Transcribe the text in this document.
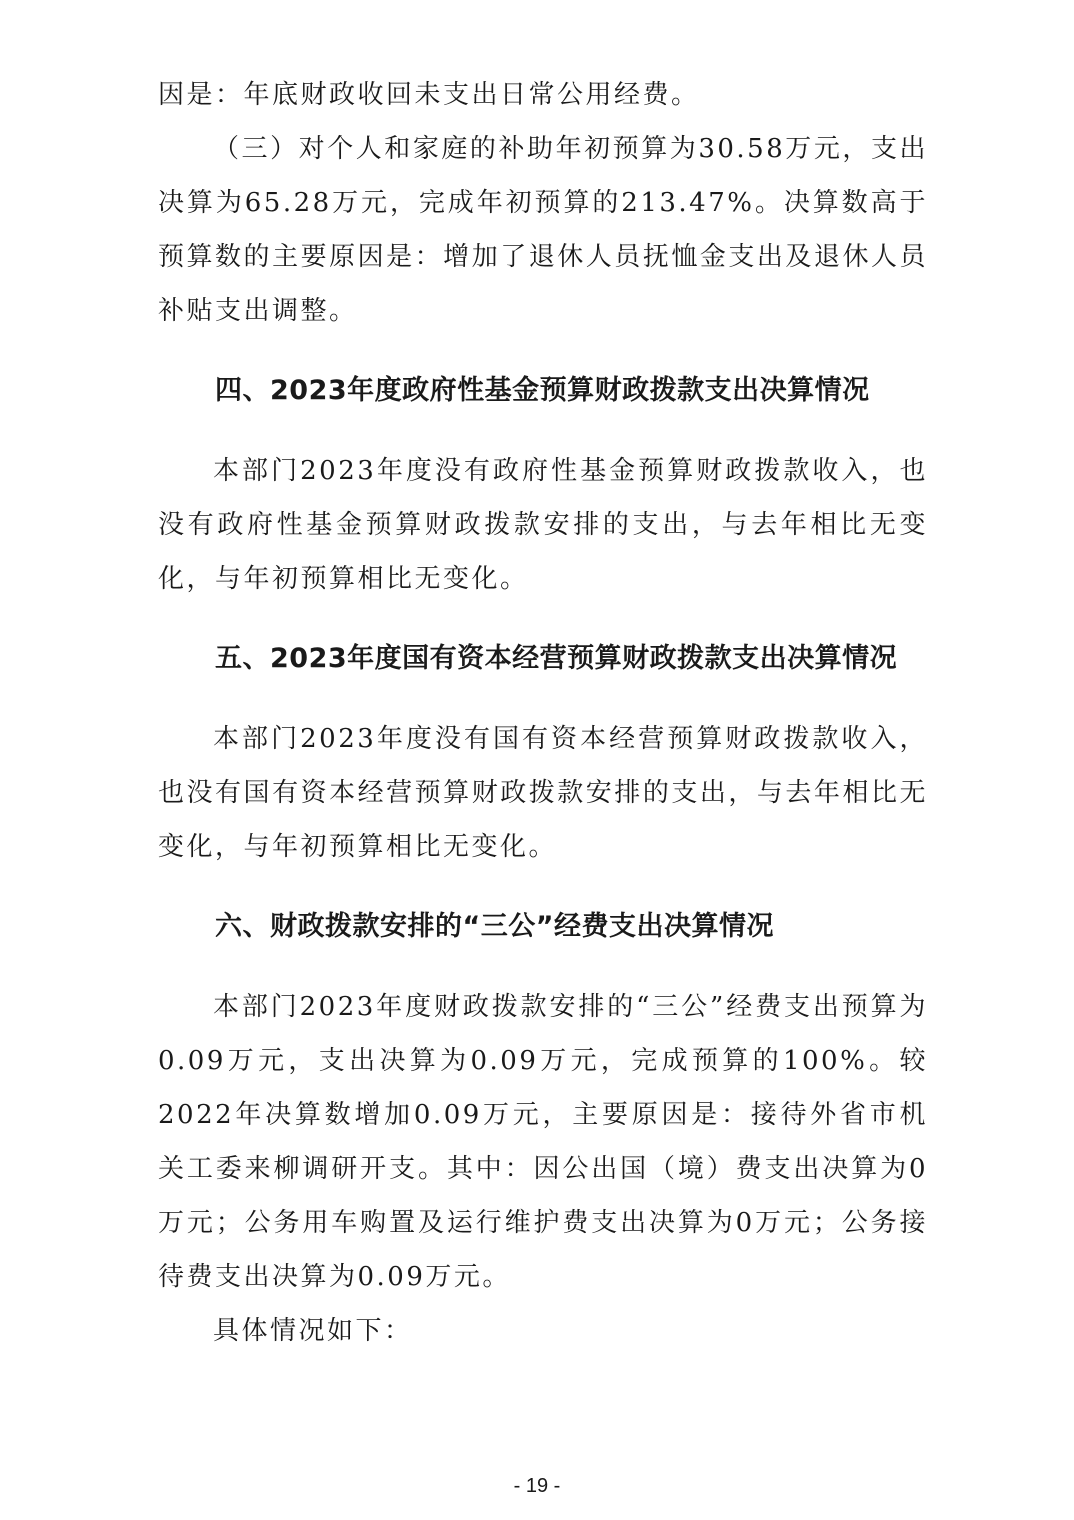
因是：年底财政收回未支出日常公用经费。

（三）对个人和家庭的补助年初预算为30.58万元，支出决算为65.28万元，完成年初预算的213.47%。决算数高于预算数的主要原因是：增加了退休人员抚恤金支出及退休人员补贴支出调整。

四、2023年度政府性基金预算财政拨款支出决算情况

本部门2023年度没有政府性基金预算财政拨款收入，也没有政府性基金预算财政拨款安排的支出，与去年相比无变化，与年初预算相比无变化。

五、2023年度国有资本经营预算财政拨款支出决算情况

本部门2023年度没有国有资本经营预算财政拨款收入，也没有国有资本经营预算财政拨款安排的支出，与去年相比无变化，与年初预算相比无变化。

六、财政拨款安排的“三公”经费支出决算情况

本部门2023年度财政拨款安排的“三公”经费支出预算为0.09万元，支出决算为0.09万元，完成预算的100%。较2022年决算数增加0.09万元，主要原因是：接待外省市机关工委来柳调研开支。其中：因公出国（境）费支出决算为0万元；公务用车购置及运行维护费支出决算为0万元；公务接待费支出决算为0.09万元。

具体情况如下：

- 19 -
